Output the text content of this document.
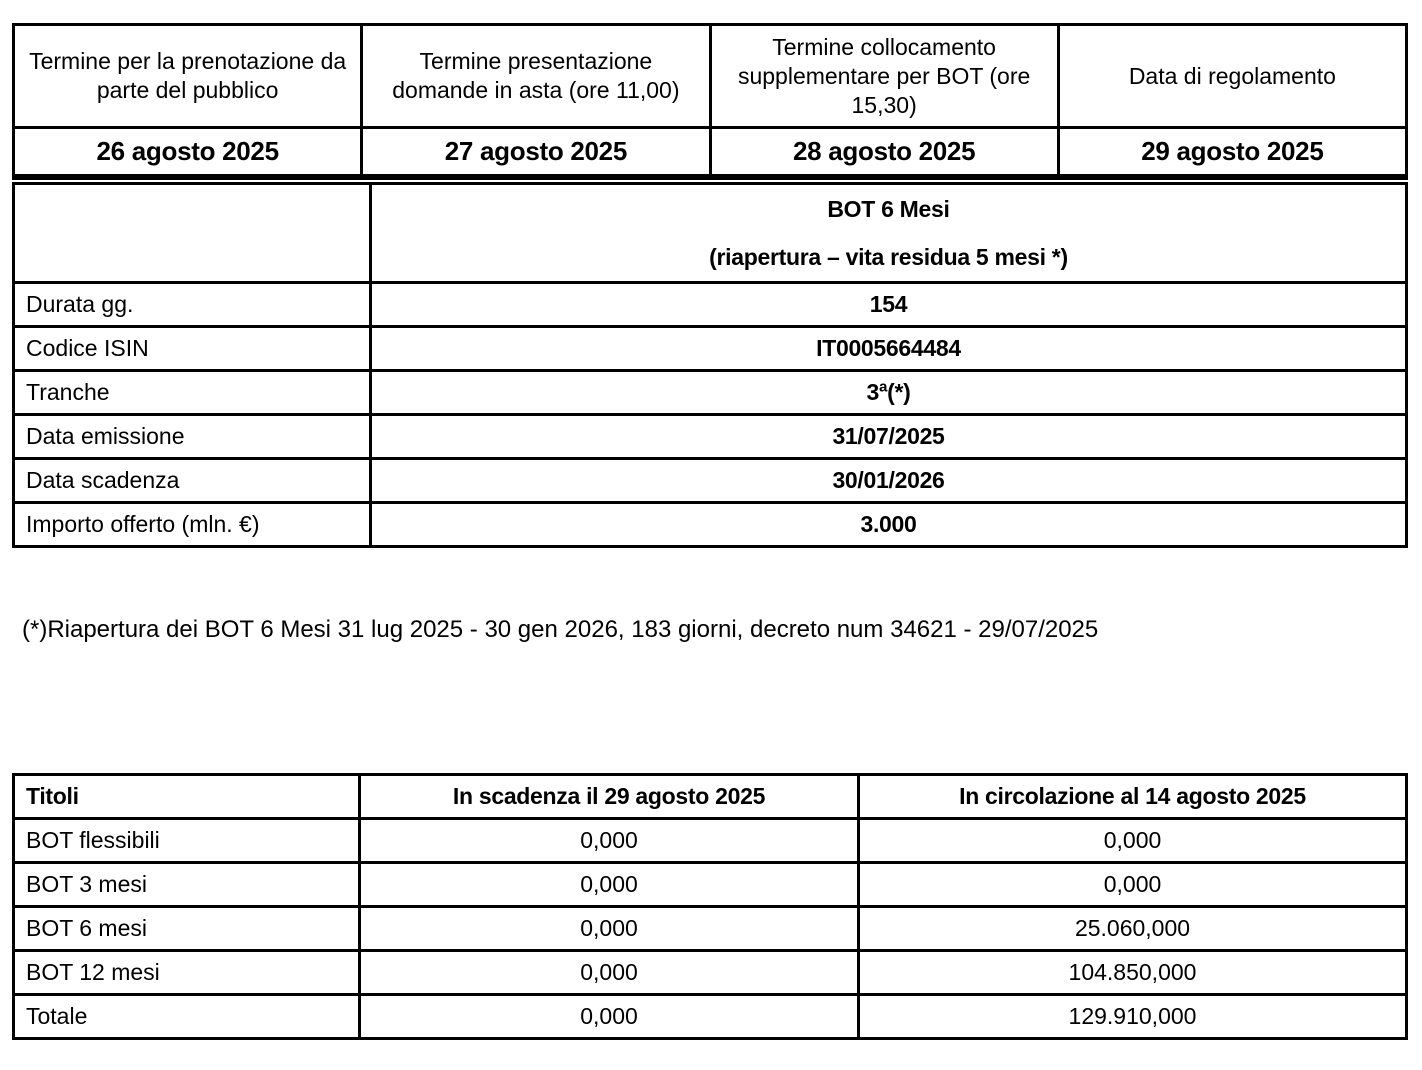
Termine per la prenotazione da parte del pubblico	Termine presentazione domande in asta (ore 11,00)	Termine collocamento supplementare per BOT (ore 15,30)	Data di regolamento
26 agosto 2025	27 agosto 2025	28 agosto 2025	29 agosto 2025

	BOT 6 Mesi
(riapertura – vita residua 5 mesi *)

Durata gg.	154
Codice ISIN	IT0005664484
Tranche	3ª(*)
Data emissione	31/07/2025
Data scadenza	30/01/2026
Importo offerto (mln. €)	3.000
(*)Riapertura dei BOT 6 Mesi 31 lug 2025 - 30 gen 2026, 183 giorni, decreto num 34621 - 29/07/2025
Titoli	In scadenza il 29 agosto 2025	In circolazione al 14 agosto 2025
BOT flessibili	0,000	0,000
BOT 3 mesi	0,000	0,000
BOT 6 mesi	0,000	25.060,000
BOT 12 mesi	0,000	104.850,000
Totale	0,000	129.910,000
